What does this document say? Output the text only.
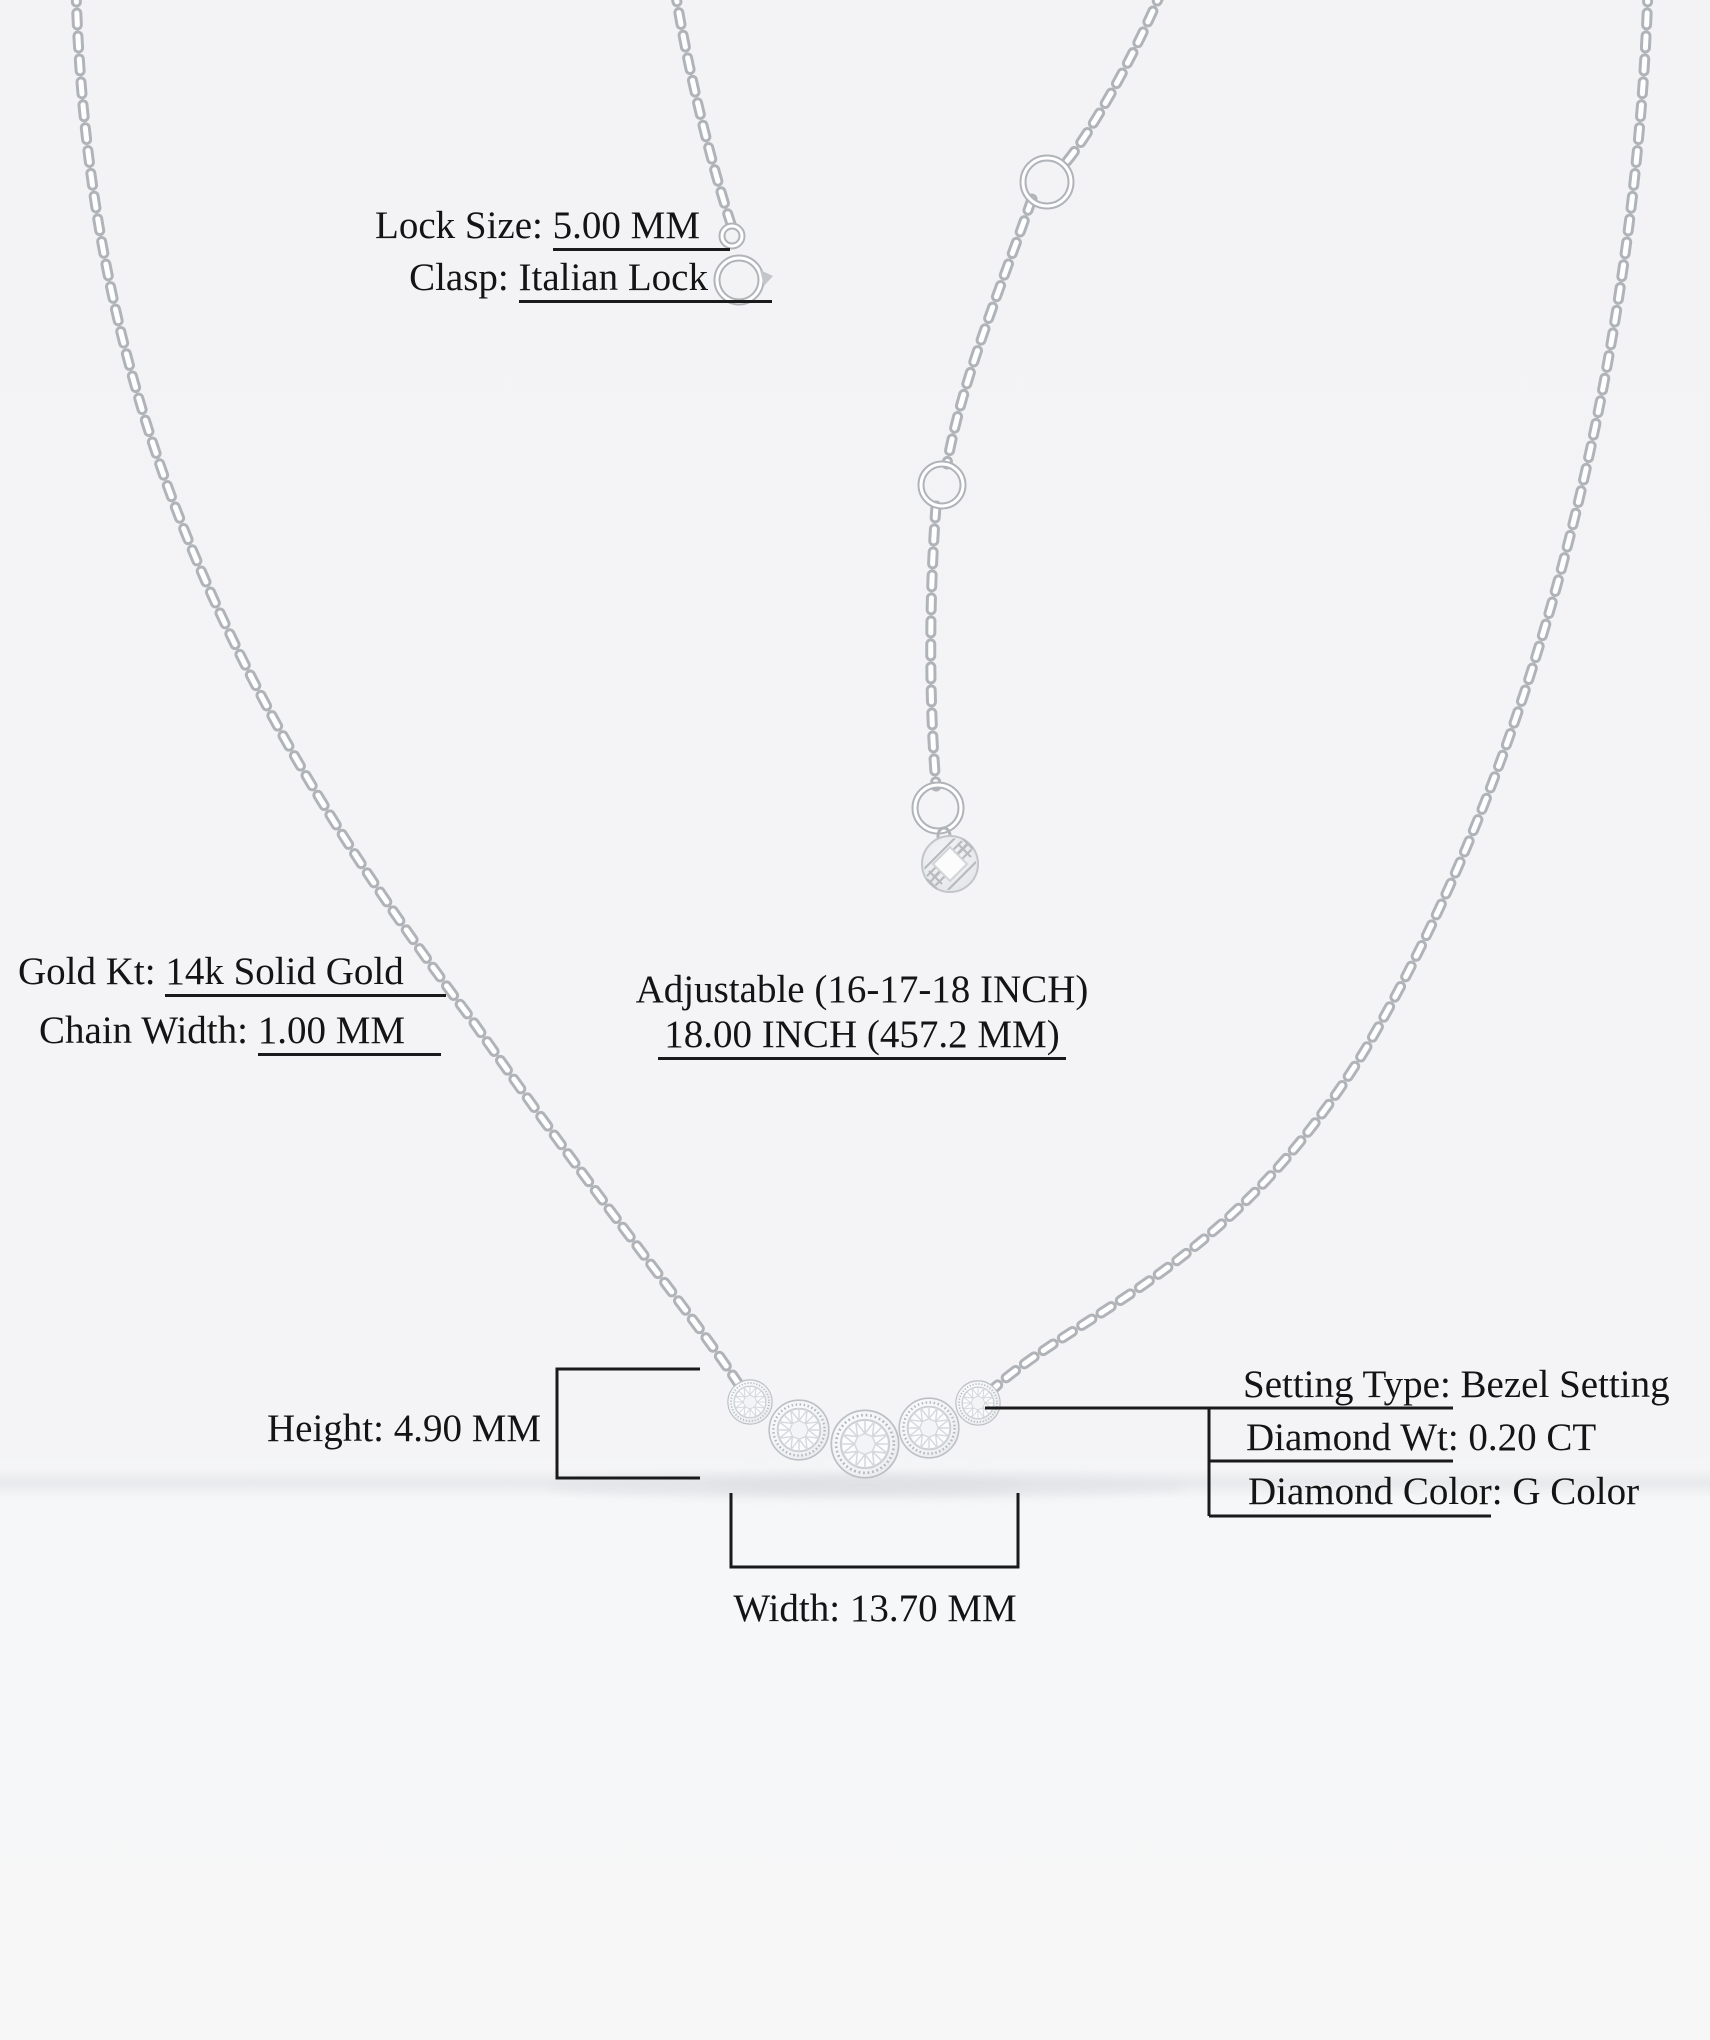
Lock Size: 5.00 MM
Clasp: Italian Lock
Gold Kt: 14k Solid Gold
Chain Width: 1.00 MM
Adjustable (16-17-18 INCH)
18.00 INCH (457.2 MM)
Height: 4.90 MM
Setting Type: Bezel Setting
Diamond Wt: 0.20 CT
Diamond Color: G Color
Width: 13.70 MM
